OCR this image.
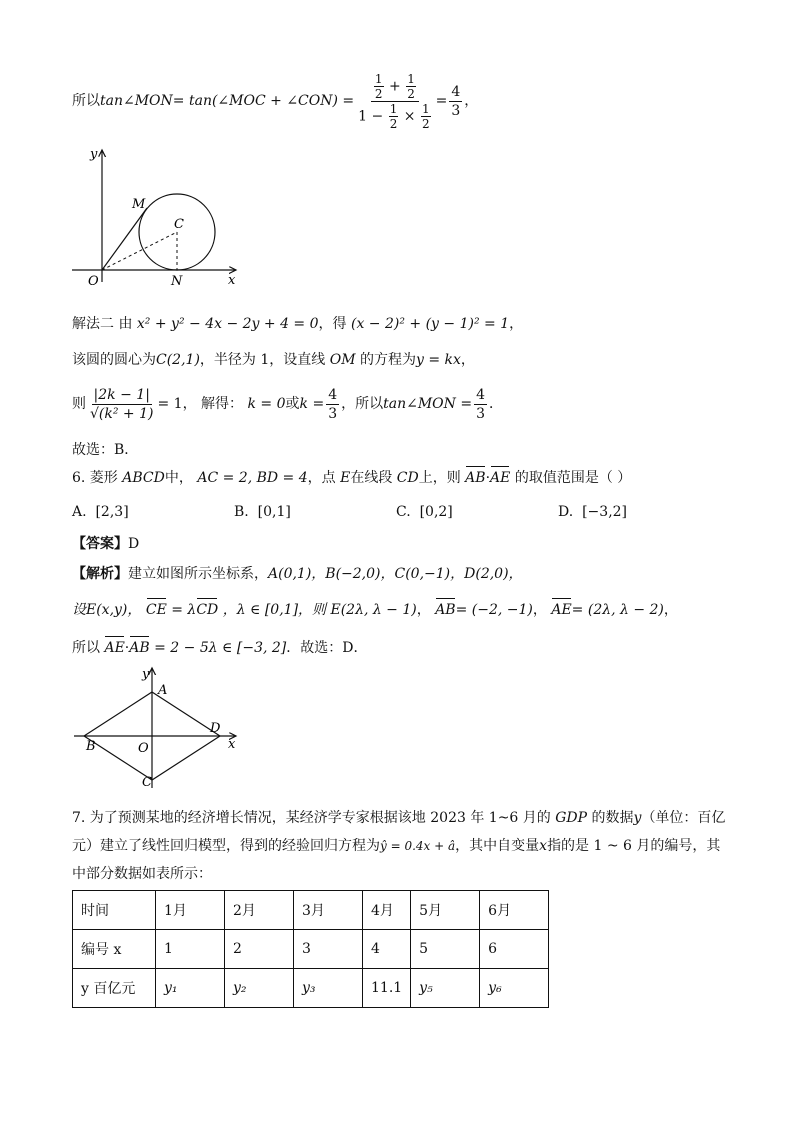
所以 tan∠MON = tan(∠MOC + ∠CON) = $\frac{\frac{1}{2} + \frac{1}{2}}{1 - \frac{1}{2} \times \frac{1}{2}} = \frac{4}{3}$ ，
y
x
O
M
C
N
解法二 由 x² + y² − 4x − 2y + 4 = 0，得 (x − 2)² + (y − 1)² = 1，
该圆的圆心为C(2,1)，半径为 1，设直线 OM 的方程为y = kx，
则 $\frac{|2k - 1|}{\text{√(k² + 1)}} = 1$ ， 解得：
k = 0 或 $k = \frac{4}{3}$ ，所以 tan∠MON = $\frac{4}{3}$ ．
故选：B．
6. 菱形 ABCD中， AC = 2, BD = 4，点 E在线段 CD上，则 AB·AE 的取值范围是（ ）
A. [2,3]	B. [0,1]	C. [0,2]	D. [−3,2]
【答案】D
【解析】建立如图所示坐标系，A(0,1)，B(−2,0)，C(0,−1)，D(2,0)，
设E(x,y)， CE = λCD ，λ ∈ [0,1]，则 E(2λ, λ − 1)， AB= (−2, −1)， AE= (2λ, λ − 2)，
所以 AE·AB = 2 − 5λ ∈ [−3, 2]．故选：D．
y
x
A
B
C
D
O
7. 为了预测某地的经济增长情况，某经济学专家根据该地 2023 年 1~6 月的 GDP 的数据y（单位：百亿
元）建立了线性回归模型，得到的经验回归方程为ŷ = 0.4x + â，其中自变量x指的是 1 ~ 6 月的编号，其
中部分数据如表所示：
时间	1月	2月	3月	4月	5月	6月
编号 x	1	2	3	4	5	6
y 百亿元	y₁	y₂	y₃	11.1	y₅	y₆
